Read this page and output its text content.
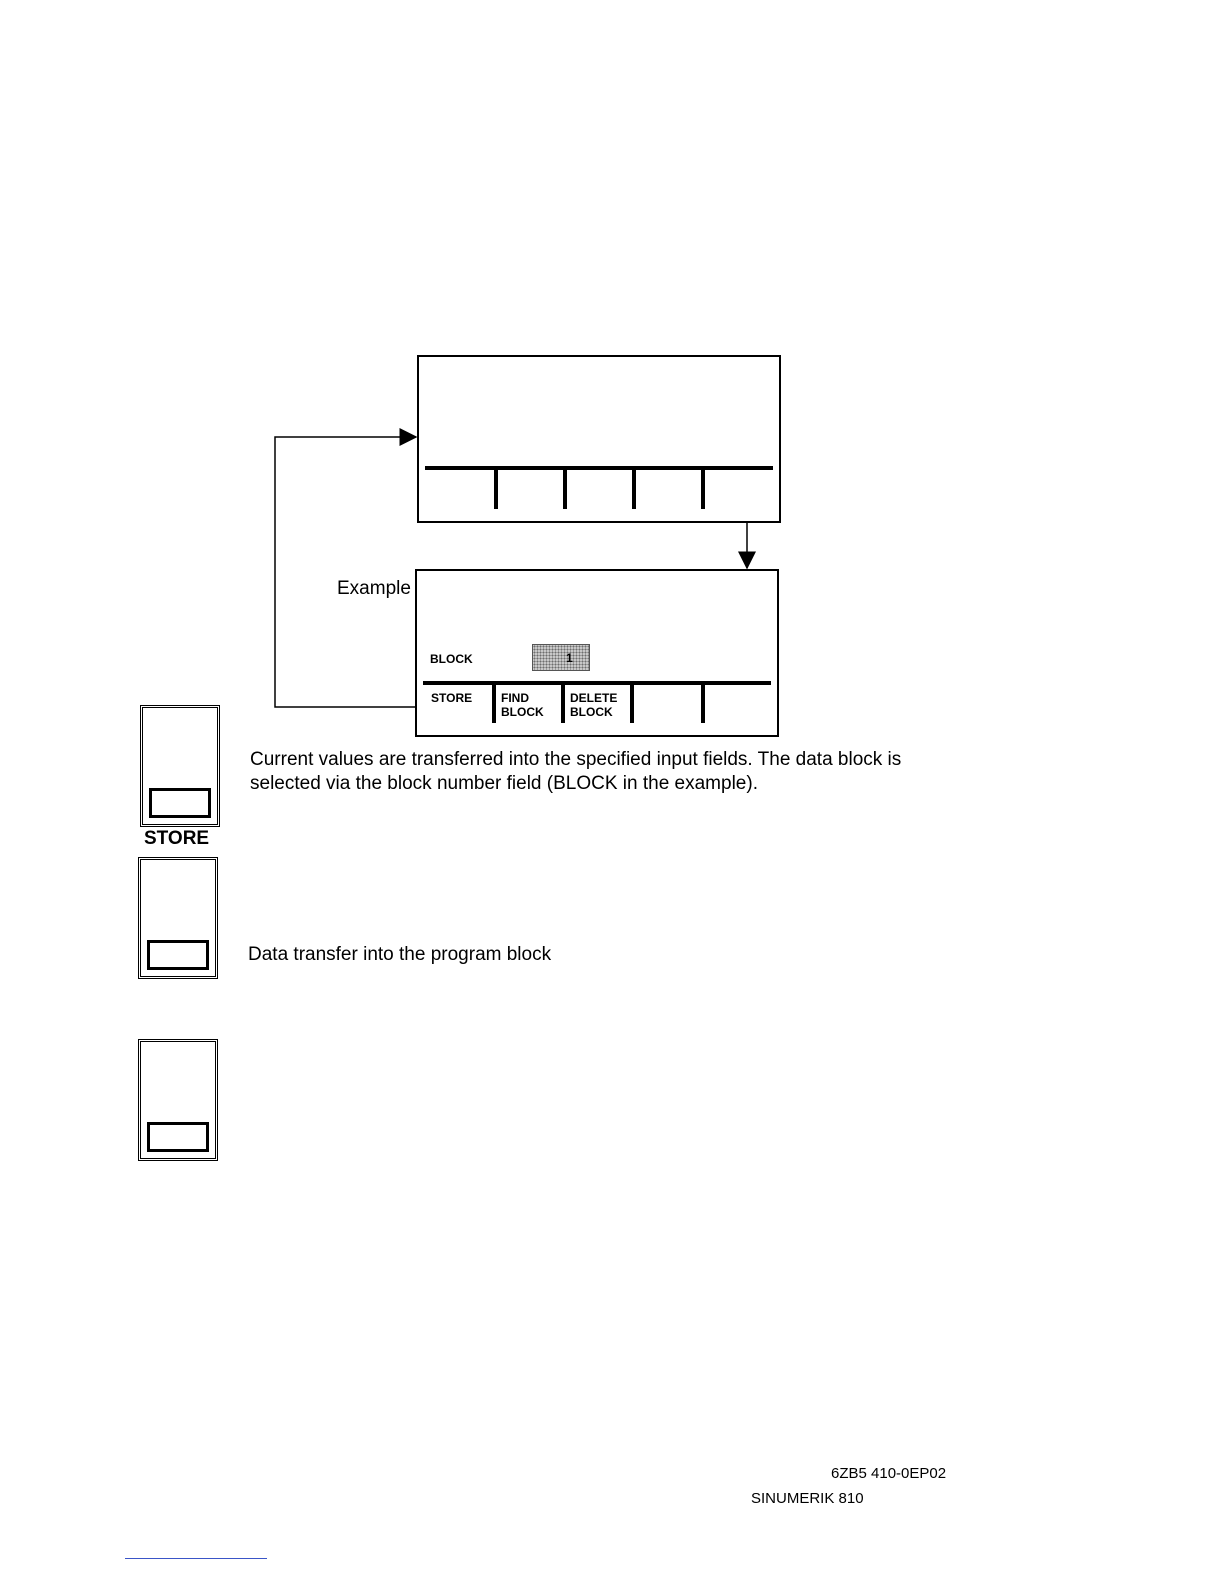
Example
BLOCK	1
STORE FIND
BLOCK
DELETE
BLOCK
STORE
Current values are transferred into the specified input fields. The data block is selected via the block number field (BLOCK in the example).
Data transfer into the program block
6ZB5 410-0EP02
SINUMERIK 810
